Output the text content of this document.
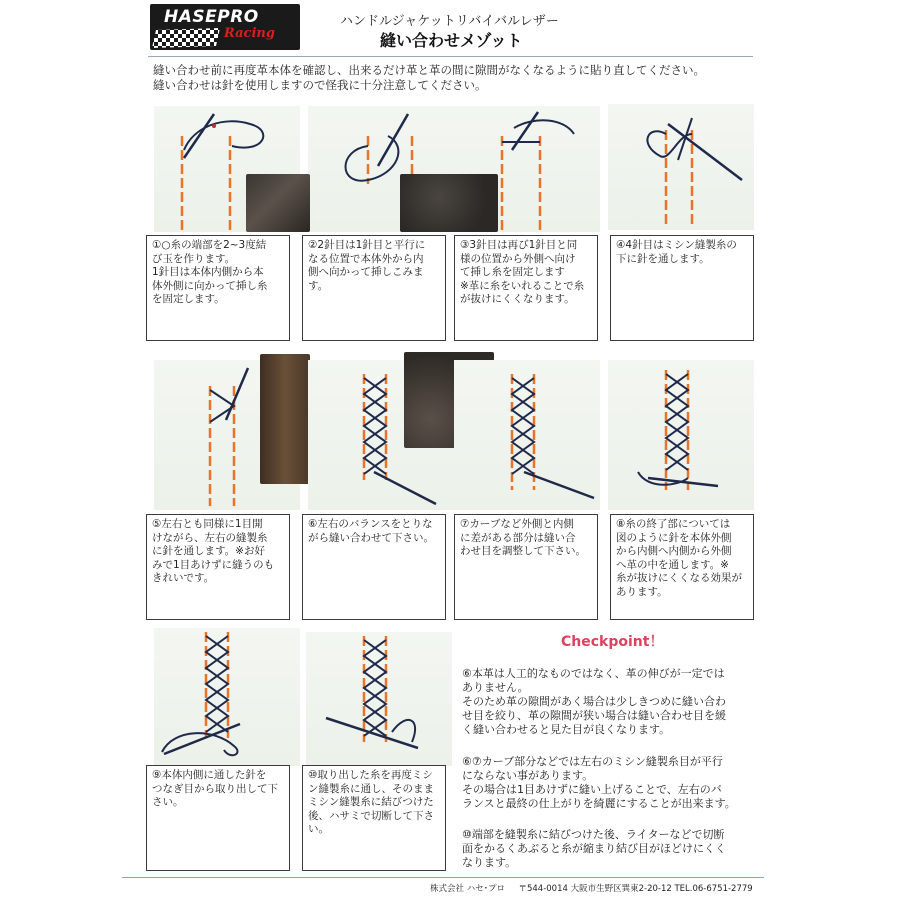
HASEPRO
Racing
ハンドルジャケットリバイバルレザー
縫い合わせメゾット
縫い合わせ前に再度革本体を確認し、出来るだけ革と革の間に隙間がなくなるように貼り直してください。
縫い合わせは針を使用しますので怪我に十分注意してください。
①○糸の端部を2~3度結
び玉を作ります。
1針目は本体内側から本
体外側に向かって挿し糸
を固定します。
②2針目は1針目と平行に
なる位置で本体外から内
側へ向かって挿しこみま
す。
③3針目は再び1針目と同
様の位置から外側へ向け
て挿し糸を固定します
※革に糸をいれることで糸
が抜けにくくなります。
④4針目はミシン縫製糸の
下に針を通します。
⑤左右とも同様に1目開
けながら、左右の縫製糸
に針を通します。※お好
みで1目あけずに縫うのも
きれいです。
⑥左右のバランスをとりな
がら縫い合わせて下さい。
⑦カーブなど外側と内側
に差がある部分は縫い合
わせ目を調整して下さい。
⑧糸の終了部については
図のように針を本体外側
から内側へ内側から外側
へ革の中を通します。※
糸が抜けにくくなる効果が
あります。
⑨本体内側に通した針を
つなぎ目から取り出して下
さい。
⑩取り出した糸を再度ミシ
ン縫製糸に通し、そのまま
ミシン縫製糸に結びつけた
後、ハサミで切断して下さ
い。
Checkpoint！
⑥本革は人工的なものではなく、革の伸びが一定では
ありません。
そのため革の隙間があく場合は少しきつめに縫い合わ
せ目を絞り、革の隙間が狭い場合は縫い合わせ目を緩
く縫い合わせると見た目が良くなります。
⑥⑦カーブ部分などでは左右のミシン縫製糸目が平行
にならない事があります。
その場合は1目あけずに縫い上げることで、左右のバ
ランスと最終の仕上がりを綺麗にすることが出来ます。
⑩端部を縫製糸に結びつけた後、ライターなどで切断
面をかるくあぶると糸が縮まり結び目がほどけにくく
なります。
株式会社 ハセ･プロ 〒544-0014 大阪市生野区巽東2-20-12 TEL.06-6751-2779
